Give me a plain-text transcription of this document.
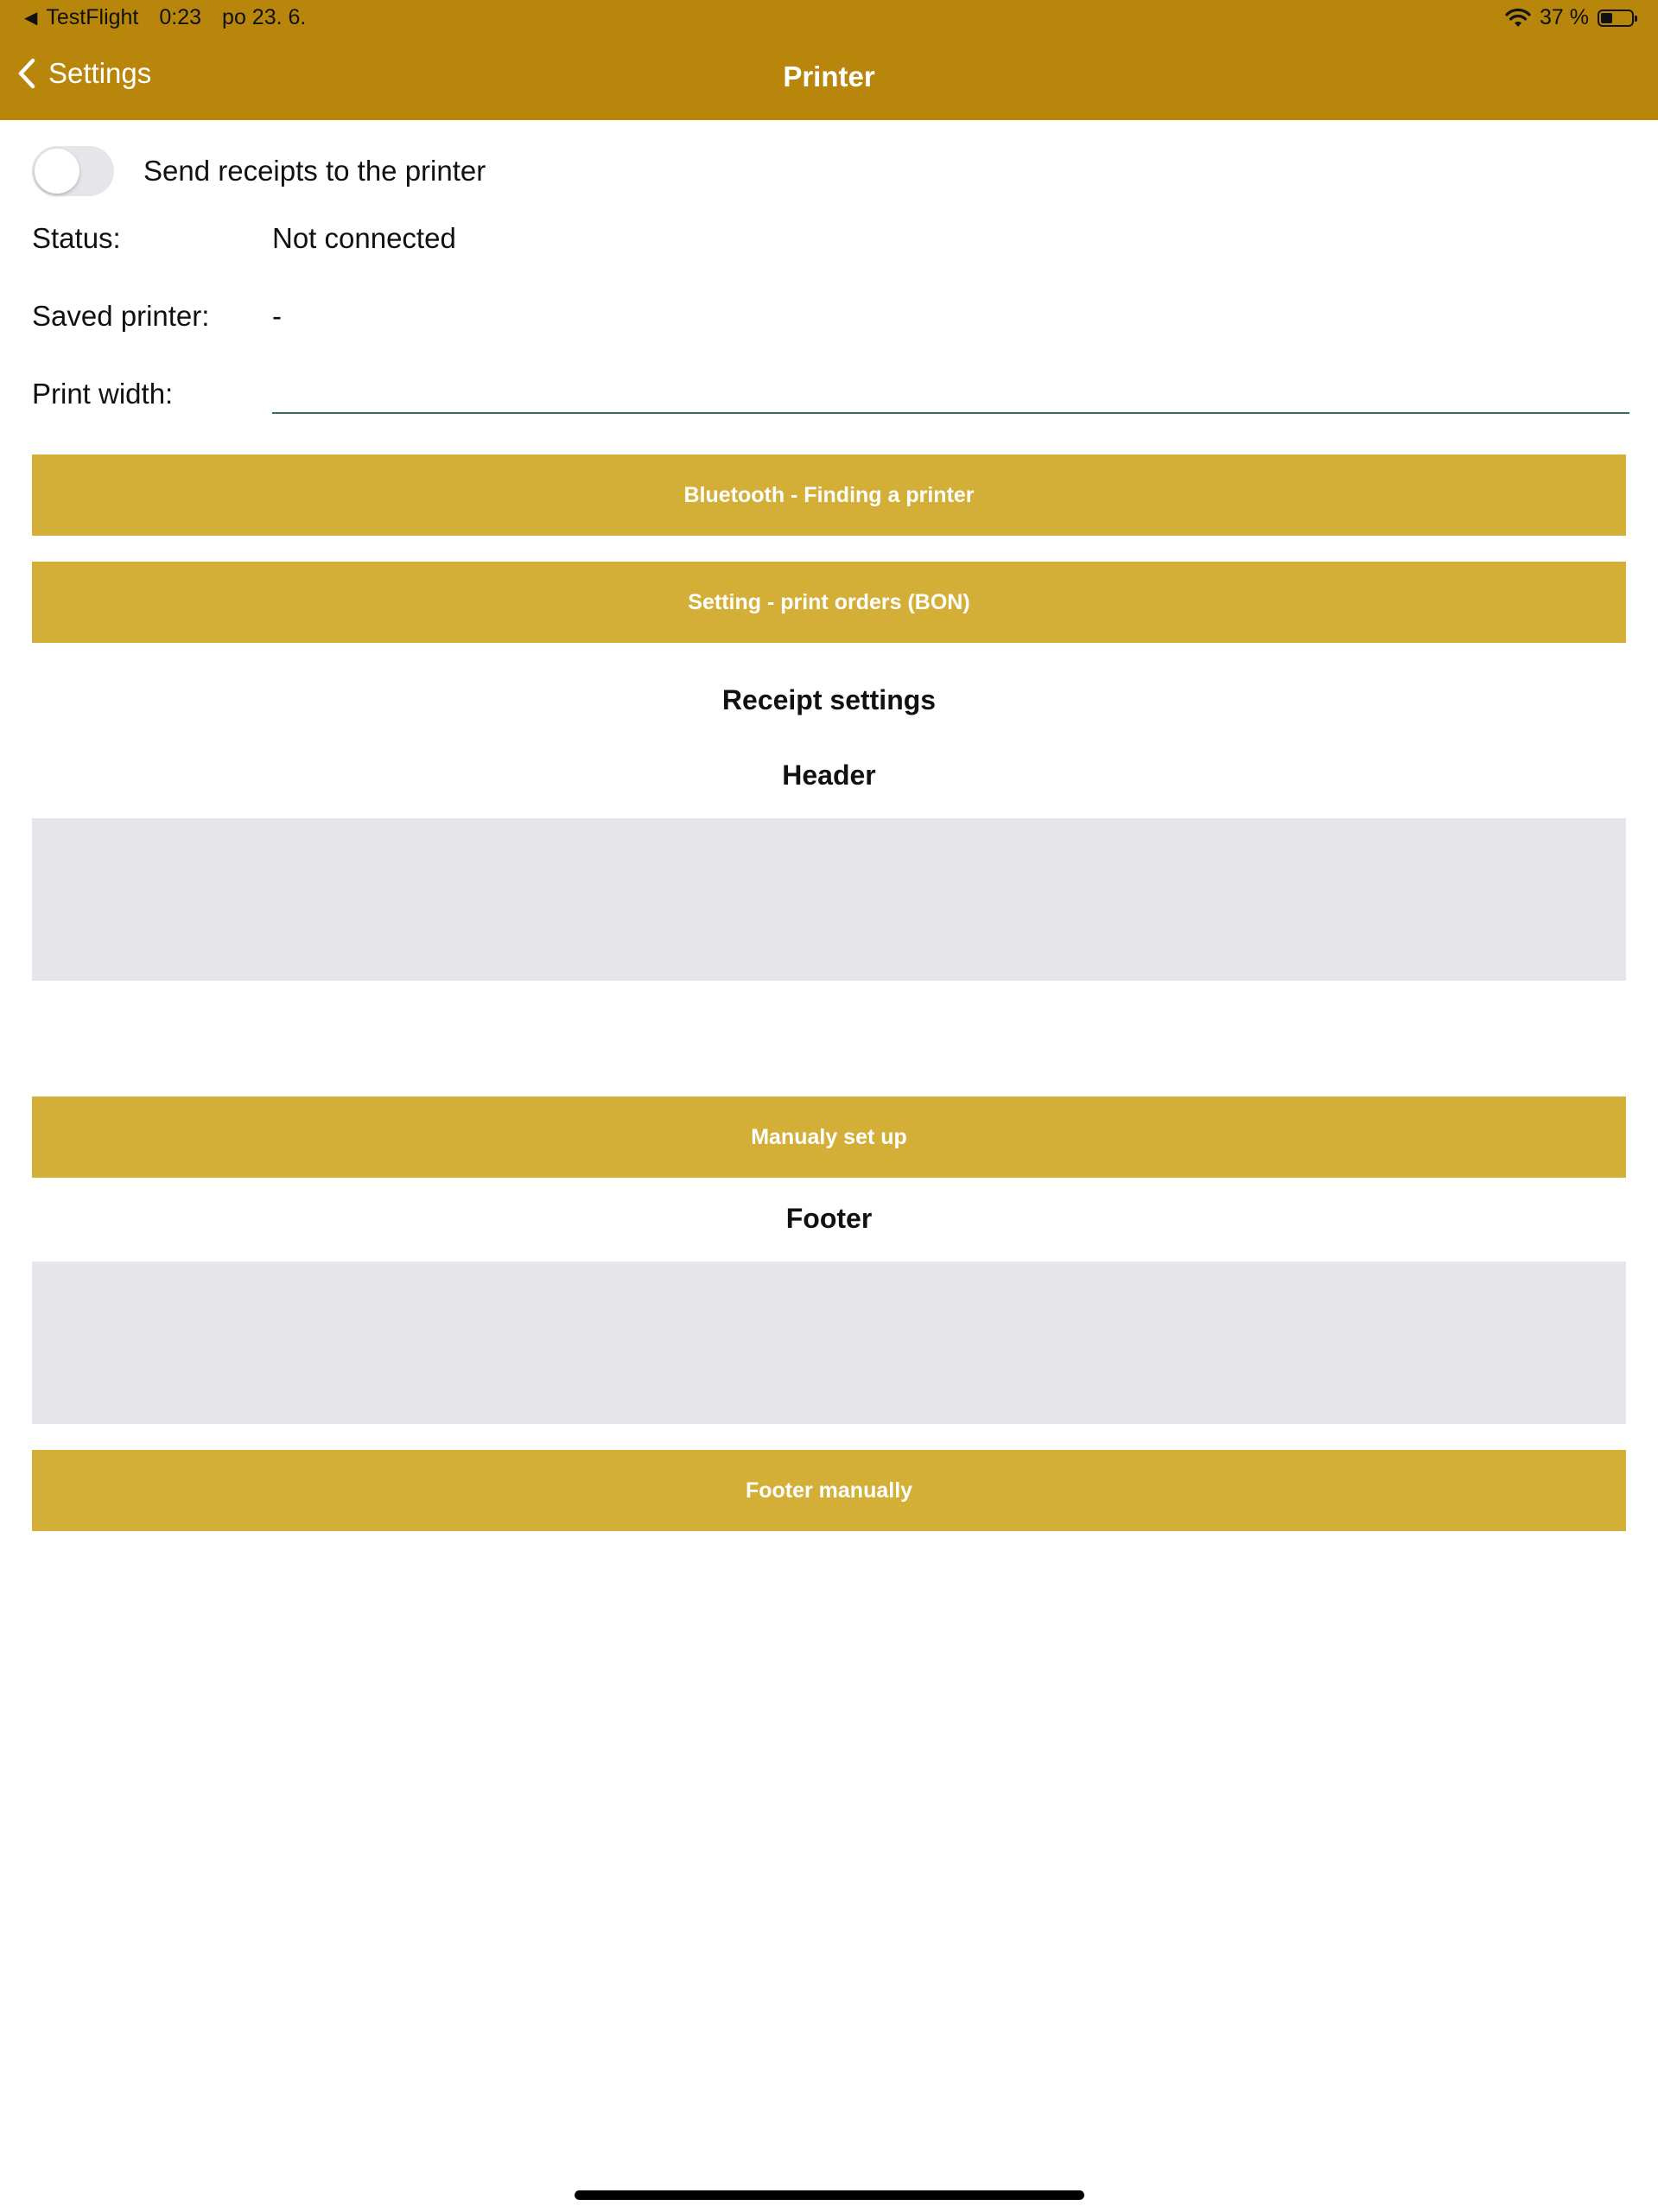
◀ TestFlight 0:23 po 23. 6.	37 %
Settings	Printer
Send receipts to the printer
Status:	Not connected
Saved printer:	-
Print width:
Bluetooth - Finding a printer
Setting - print orders (BON)
Receipt settings
Header
Manualy set up
Footer
Footer manually
